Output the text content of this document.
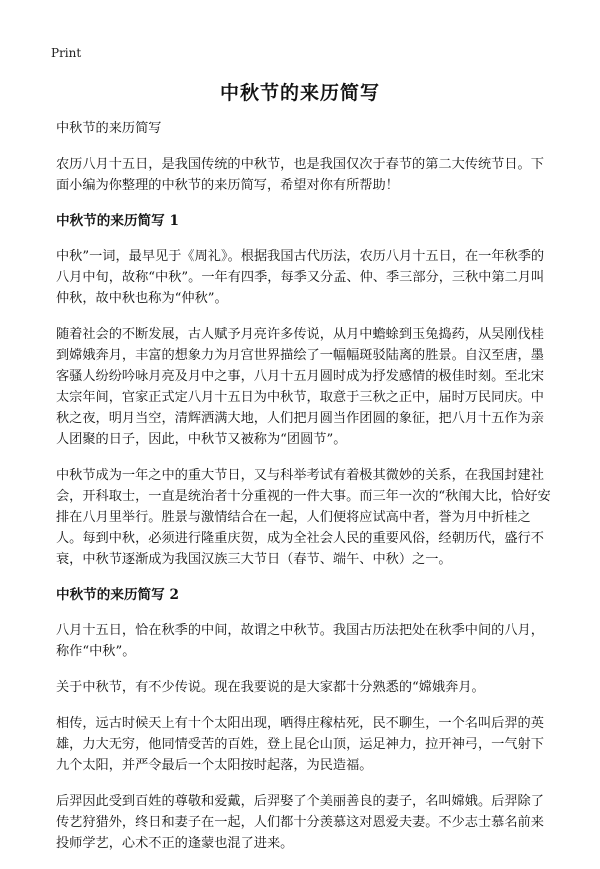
Print
中秋节的来历简写

中秋节的来历简写

农历八月十五日，是我国传统的中秋节，也是我国仅次于春节的第二大传统节日。下面小编为你整理的中秋节的来历简写，希望对你有所帮助！

中秋节的来历简写 1

中秋”一词，最早见于《周礼》。根据我国古代历法，农历八月十五日，在一年秋季的八月中旬，故称“中秋”。一年有四季，每季又分孟、仲、季三部分，三秋中第二月叫仲秋，故中秋也称为“仲秋”。

随着社会的不断发展，古人赋予月亮许多传说，从月中蟾蜍到玉兔捣药，从吴刚伐桂到嫦娥奔月，丰富的想象力为月宫世界描绘了一幅幅斑驳陆离的胜景。自汉至唐，墨客骚人纷纷吟咏月亮及月中之事，八月十五月圆时成为抒发感情的极佳时刻。至北宋太宗年间，官家正式定八月十五日为中秋节，取意于三秋之正中，届时万民同庆。中秋之夜，明月当空，清辉洒满大地，人们把月圆当作团圆的象征，把八月十五作为亲人团聚的日子，因此，中秋节又被称为“团圆节”。

中秋节成为一年之中的重大节日，又与科举考试有着极其微妙的关系，在我国封建社会，开科取士，一直是统治者十分重视的一件大事。而三年一次的“秋闱大比，恰好安排在八月里举行。胜景与激情结合在一起，人们便将应试高中者，誉为月中折桂之人。每到中秋，必须进行隆重庆贺，成为全社会人民的重要风俗，经朝历代，盛行不衰，中秋节逐渐成为我国汉族三大节日（春节、端午、中秋）之一。

中秋节的来历简写 2

八月十五日，恰在秋季的中间，故谓之中秋节。我国古历法把处在秋季中间的八月，称作“中秋”。

关于中秋节，有不少传说。现在我要说的是大家都十分熟悉的“嫦娥奔月。

相传，远古时候天上有十个太阳出现，晒得庄稼枯死，民不聊生，一个名叫后羿的英雄，力大无穷，他同情受苦的百姓，登上昆仑山顶，运足神力，拉开神弓，一气射下九个太阳，并严令最后一个太阳按时起落，为民造福。

后羿因此受到百姓的尊敬和爱戴，后羿娶了个美丽善良的妻子，名叫嫦娥。后羿除了传艺狩猎外，终日和妻子在一起，人们都十分羡慕这对恩爱夫妻。不少志士慕名前来投师学艺，心术不正的逢蒙也混了进来。
